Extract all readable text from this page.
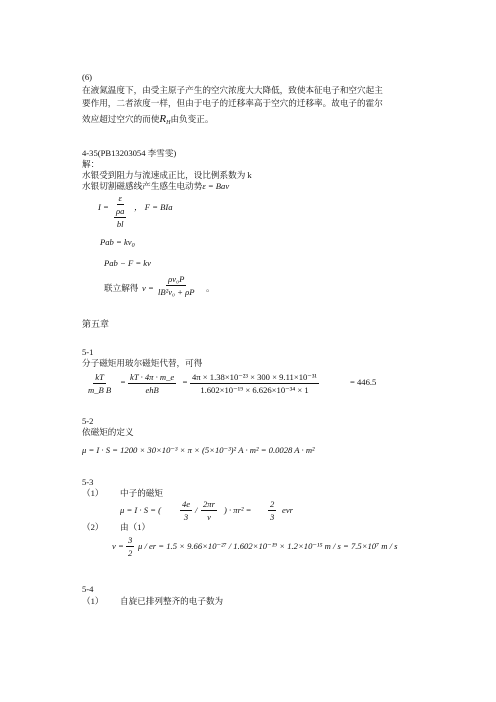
(6)
在液氮温度下，由受主原子产生的空穴浓度大大降低，致使本征电子和空穴起主
要作用，二者浓度一样，但由于电子的迁移率高于空穴的迁移率。故电子的霍尔
效应超过空穴的而使$R_H$由负变正。
4-35(PB13203054 李雪雯)
解：
水银受到阻力与流速成正比，设比例系数为 k
水银切割磁感线产生感生电动势ε = Bav
I =
ε
ρa
bl
， F = BIa
Pab = $kv_0$
Pab − F = kv
联立解得 $v = \frac{\text{ρv₀P}}{\text{lB²v₀ + ρP}}$ 。
第五章
5-1
分子磁矩用玻尔磁矩代替，可得
$\frac{kT}{\text{m\_B B}}$ = kT · 4π · m_e
ehB
= $\frac{\text{4π × 1.38×10⁻²³ × 300 × 9.11×10⁻³¹}}{\text{1.602×10⁻¹⁹ × 6.626×10⁻³⁴ × 1}}$	= 446.5
5-2
依磁矩的定义
μ = I · S = 1200 × 30×10⁻³ × π × (5×10⁻³)² A · m² = 0.0028 A · m²
5-3
（1） 中子的磁矩
μ = I · S = ( $\frac{4e}{3} / \frac{2\pi r}{v}$ ) · $\pi r^2 = \frac{2}{3}$ evr
（2） 由（1）
$v = \frac{3}{2}$ μ / er = 1.5 × 9.66×10⁻²⁷ / 1.602×10⁻¹⁹ × 1.2×10⁻¹⁵ m / s = 7.5×10⁷ m / s
5-4
（1） 自旋已排列整齐的电子数为
